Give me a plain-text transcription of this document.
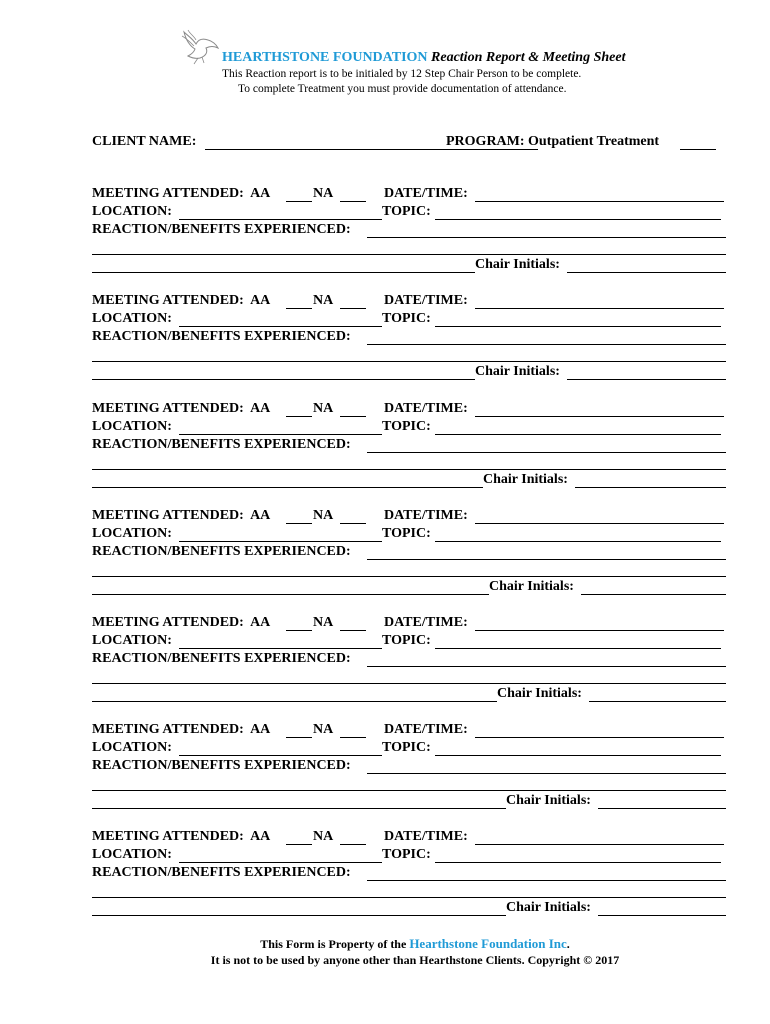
HEARTHSTONE FOUNDATION Reaction Report & Meeting Sheet
This Reaction report is to be initialed by 12 Step Chair Person to be complete.
To complete Treatment you must provide documentation of attendance.
CLIENT NAME:	PROGRAM: Outpatient Treatment
MEETING ATTENDED: AA	NA	DATE/TIME:
LOCATION:	TOPIC:
REACTION/BENEFITS EXPERIENCED:
Chair Initials:
MEETING ATTENDED: AA	NA	DATE/TIME:
LOCATION:	TOPIC:
REACTION/BENEFITS EXPERIENCED:
Chair Initials:
MEETING ATTENDED: AA	NA	DATE/TIME:
LOCATION:	TOPIC:
REACTION/BENEFITS EXPERIENCED:
Chair Initials:
MEETING ATTENDED: AA	NA	DATE/TIME:
LOCATION:	TOPIC:
REACTION/BENEFITS EXPERIENCED:
Chair Initials:
MEETING ATTENDED: AA	NA	DATE/TIME:
LOCATION:	TOPIC:
REACTION/BENEFITS EXPERIENCED:
Chair Initials:
MEETING ATTENDED: AA	NA	DATE/TIME:
LOCATION:	TOPIC:
REACTION/BENEFITS EXPERIENCED:
Chair Initials:
MEETING ATTENDED: AA	NA	DATE/TIME:
LOCATION:	TOPIC:
REACTION/BENEFITS EXPERIENCED:
Chair Initials:
This Form is Property of the Hearthstone Foundation Inc.
It is not to be used by anyone other than Hearthstone Clients. Copyright © 2017
